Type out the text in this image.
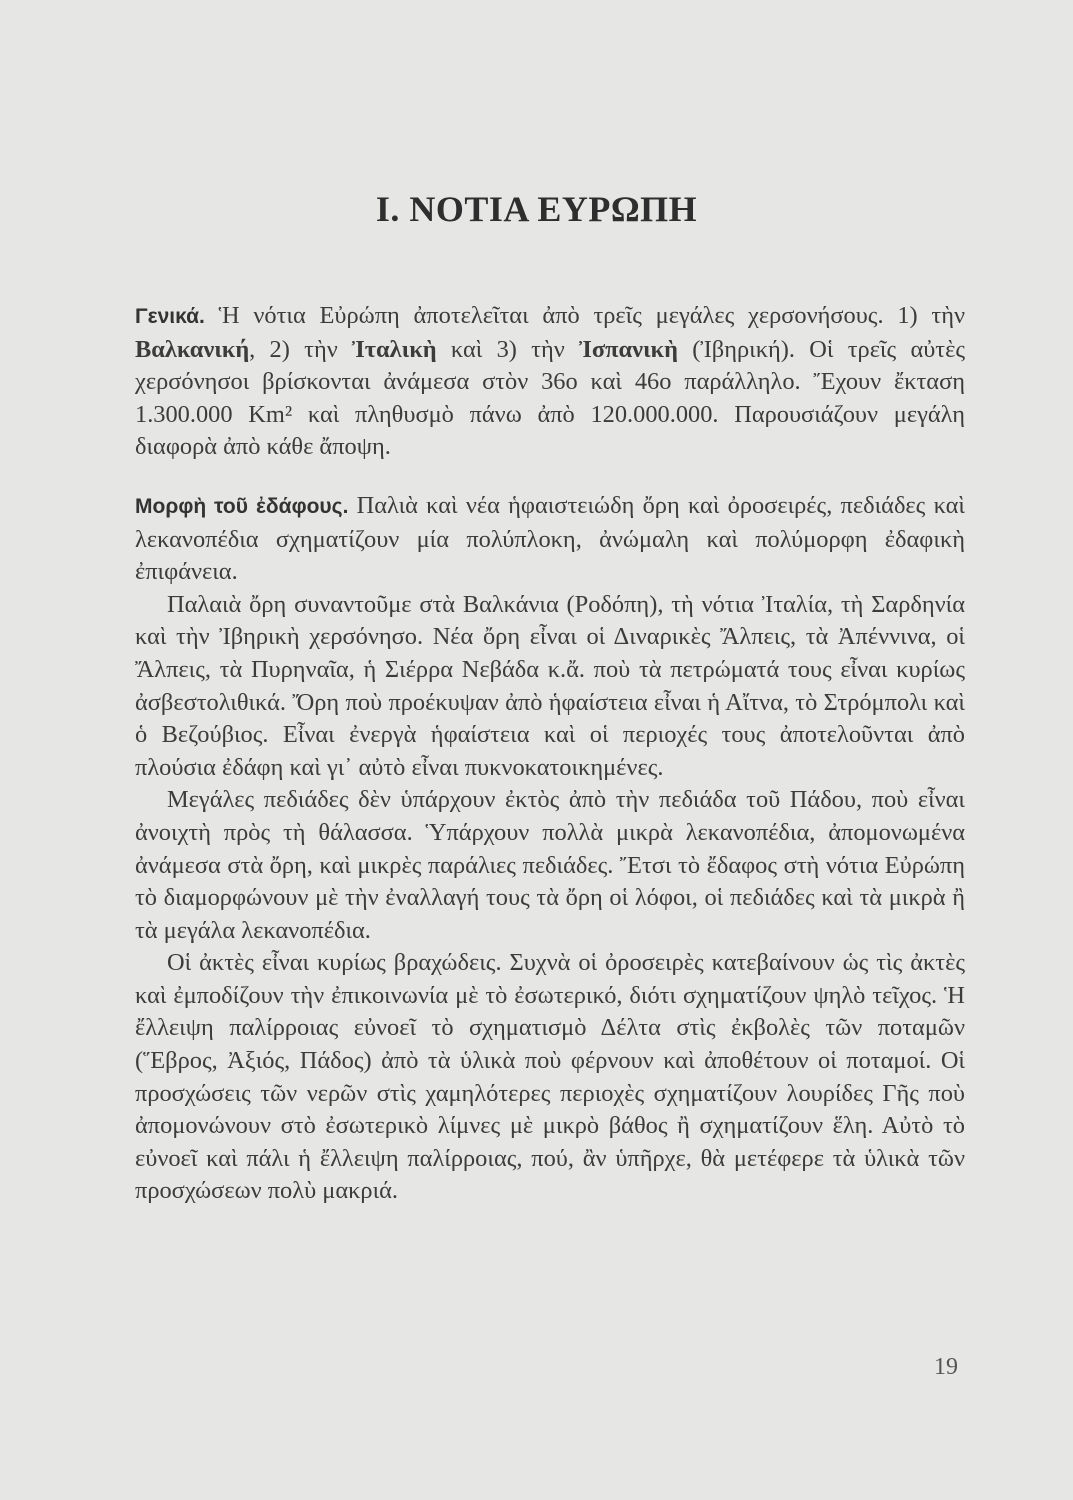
I. ΝΟΤΙΑ ΕΥΡΩΠΗ

Γενικά. Ἡ νότια Εὐρώπη ἀποτελεῖται ἀπὸ τρεῖς μεγάλες χερσονήσους. 1) τὴν Βαλκανική, 2) τὴν Ἰταλικὴ καὶ 3) τὴν Ἰσπανικὴ (Ἰβηρική). Οἱ τρεῖς αὐτὲς χερσόνησοι βρίσκονται ἀνάμεσα στὸν 36ο καὶ 46ο παράλληλο. Ἔχουν ἔκταση 1.300.000 Km² καὶ πληθυσμὸ πάνω ἀπὸ 120.000.000. Παρουσιάζουν μεγάλη διαφορὰ ἀπὸ κάθε ἄποψη.

Μορφὴ τοῦ ἐδάφους. Παλιὰ καὶ νέα ἡφαιστειώδη ὄρη καὶ ὀροσειρές, πεδιάδες καὶ λεκανοπέδια σχηματίζουν μία πολύπλοκη, ἀνώμαλη καὶ πολύμορφη ἐδαφικὴ ἐπιφάνεια.

Παλαιὰ ὄρη συναντοῦμε στὰ Βαλκάνια (Ροδόπη), τὴ νότια Ἰταλία, τὴ Σαρδηνία καὶ τὴν Ἰβηρικὴ χερσόνησο. Νέα ὄρη εἶναι οἱ Διναρικὲς Ἄλπεις, τὰ Ἀπέννινα, οἱ Ἄλπεις, τὰ Πυρηναῖα, ἡ Σιέρρα Νεβάδα κ.ἄ. ποὺ τὰ πετρώματά τους εἶναι κυρίως ἀσβεστολιθικά. Ὄρη ποὺ προέκυψαν ἀπὸ ἡφαίστεια εἶναι ἡ Αἴτνα, τὸ Στρόμπολι καὶ ὁ Βεζούβιος. Εἶναι ἐνεργὰ ἡφαίστεια καὶ οἱ περιοχές τους ἀποτελοῦνται ἀπὸ πλούσια ἐδάφη καὶ γι᾿ αὐτὸ εἶναι πυκνοκατοικημένες.

Μεγάλες πεδιάδες δὲν ὑπάρχουν ἐκτὸς ἀπὸ τὴν πεδιάδα τοῦ Πάδου, ποὺ εἶναι ἀνοιχτὴ πρὸς τὴ θάλασσα. Ὑπάρχουν πολλὰ μικρὰ λεκανοπέδια, ἀπομονωμένα ἀνάμεσα στὰ ὄρη, καὶ μικρὲς παράλιες πεδιάδες. Ἔτσι τὸ ἔδαφος στὴ νότια Εὐρώπη τὸ διαμορφώνουν μὲ τὴν ἐναλλαγή τους τὰ ὄρη οἱ λόφοι, οἱ πεδιάδες καὶ τὰ μικρὰ ἢ τὰ μεγάλα λεκανοπέδια.

Οἱ ἀκτὲς εἶναι κυρίως βραχώδεις. Συχνὰ οἱ ὀροσειρὲς κατεβαίνουν ὡς τὶς ἀκτὲς καὶ ἐμποδίζουν τὴν ἐπικοινωνία μὲ τὸ ἐσωτερικό, διότι σχηματίζουν ψηλὸ τεῖχος. Ἡ ἔλλειψη παλίρροιας εὐνοεῖ τὸ σχηματισμὸ Δέλτα στὶς ἐκβολὲς τῶν ποταμῶν (Ἕβρος, Ἀξιός, Πάδος) ἀπὸ τὰ ὑλικὰ ποὺ φέρνουν καὶ ἀποθέτουν οἱ ποταμοί. Οἱ προσχώσεις τῶν νερῶν στὶς χαμηλότερες περιοχὲς σχηματίζουν λουρίδες Γῆς ποὺ ἀπομονώνουν στὸ ἐσωτερικὸ λίμνες μὲ μικρὸ βάθος ἢ σχηματίζουν ἕλη. Αὐτὸ τὸ εὐνοεῖ καὶ πάλι ἡ ἔλλειψη παλίρροιας, πού, ἂν ὑπῆρχε, θὰ μετέφερε τὰ ὑλικὰ τῶν προσχώσεων πολὺ μακριά.

19
